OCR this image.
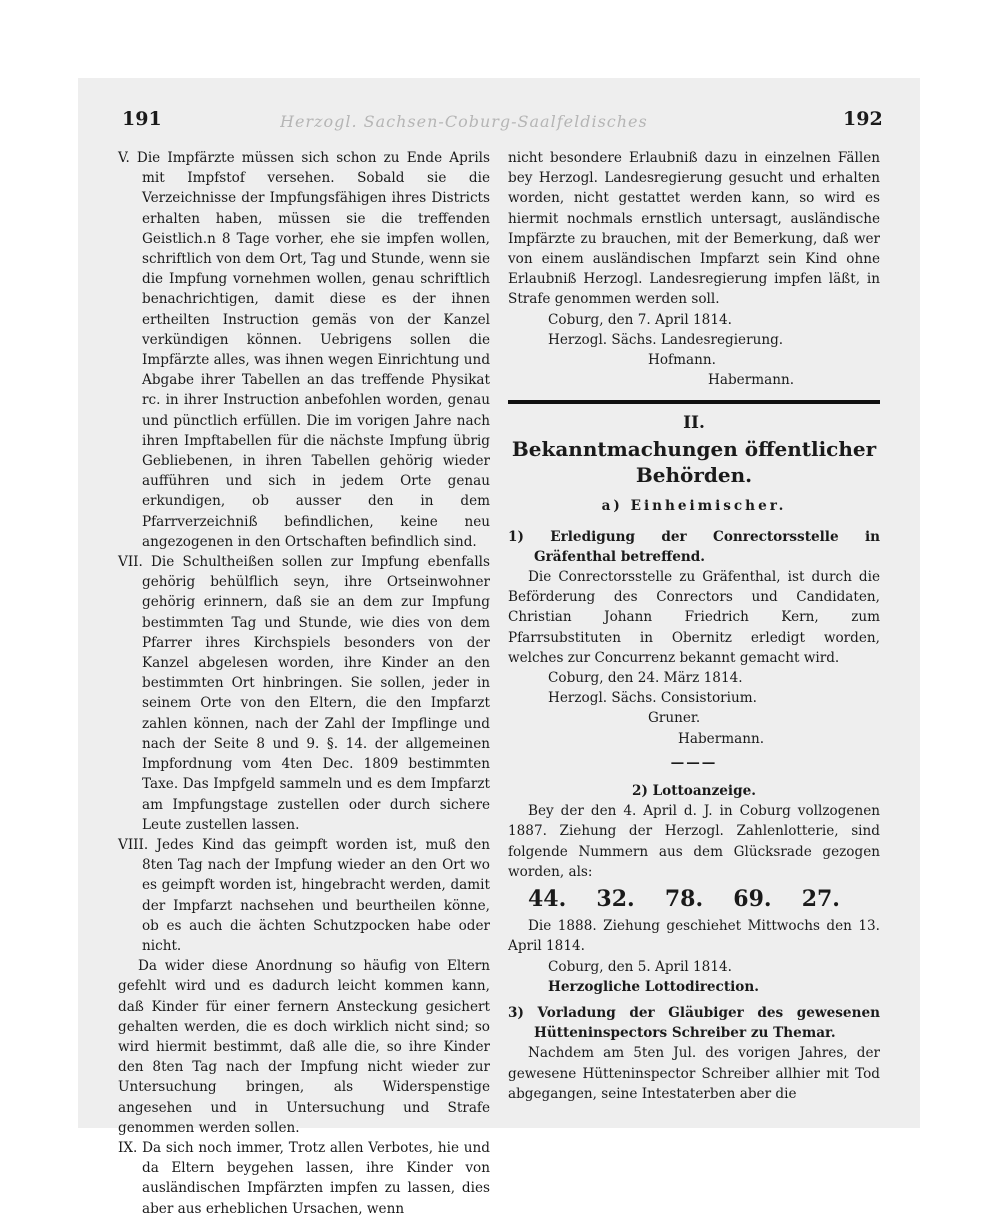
191	192
Herzogl. Sachsen-Coburg-Saalfeldisches

V. Die Impfärzte müssen sich schon zu Ende Aprils mit Impfstof versehen. Sobald sie die Verzeichnisse der Impfungsfähigen ihres Districts erhalten haben, müssen sie die treffenden Geistlich.n 8 Tage vorher, ehe sie impfen wollen, schriftlich von dem Ort, Tag und Stunde, wenn sie die Impfung vornehmen wollen, genau schriftlich benachrichtigen, damit diese es der ihnen ertheilten Instruction gemäs von der Kanzel verkündigen können. Uebrigens sollen die Impfärzte alles, was ihnen wegen Einrichtung und Abgabe ihrer Tabellen an das treffende Physikat rc. in ihrer Instruction anbefohlen worden, genau und pünctlich erfüllen. Die im vorigen Jahre nach ihren Impftabellen für die nächste Impfung übrig Gebliebenen, in ihren Tabellen gehörig wieder aufführen und sich in jedem Orte genau erkundigen, ob ausser den in dem Pfarrverzeichniß befindlichen, keine neu angezogenen in den Ortschaften befindlich sind.

VII. Die Schultheißen sollen zur Impfung ebenfalls gehörig behülflich seyn, ihre Ortseinwohner gehörig erinnern, daß sie an dem zur Impfung bestimmten Tag und Stunde, wie dies von dem Pfarrer ihres Kirchspiels besonders von der Kanzel abgelesen worden, ihre Kinder an den bestimmten Ort hinbringen. Sie sollen, jeder in seinem Orte von den Eltern, die den Impfarzt zahlen können, nach der Zahl der Impflinge und nach der Seite 8 und 9. §. 14. der allgemeinen Impfordnung vom 4ten Dec. 1809 bestimmten Taxe. Das Impfgeld sammeln und es dem Impfarzt am Impfungstage zustellen oder durch sichere Leute zustellen lassen.

VIII. Jedes Kind das geimpft worden ist, muß den 8ten Tag nach der Impfung wieder an den Ort wo es geimpft worden ist, hingebracht werden, damit der Impfarzt nachsehen und beurtheilen könne, ob es auch die ächten Schutzpocken habe oder nicht.

Da wider diese Anordnung so häufig von Eltern gefehlt wird und es dadurch leicht kommen kann, daß Kinder für einer fernern Ansteckung gesichert gehalten werden, die es doch wirklich nicht sind; so wird hiermit bestimmt, daß alle die, so ihre Kinder den 8ten Tag nach der Impfung nicht wieder zur Untersuchung bringen, als Widerspenstige angesehen und in Untersuchung und Strafe genommen werden sollen.

IX. Da sich noch immer, Trotz allen Verbotes, hie und da Eltern beygehen lassen, ihre Kinder von ausländischen Impfärzten impfen zu lassen, dies aber aus erheblichen Ursachen, wenn

nicht besondere Erlaubniß dazu in einzelnen Fällen bey Herzogl. Landesregierung gesucht und erhalten worden, nicht gestattet werden kann, so wird es hiermit nochmals ernstlich untersagt, ausländische Impfärzte zu brauchen, mit der Bemerkung, daß wer von einem ausländischen Impfarzt sein Kind ohne Erlaubniß Herzogl. Landesregierung impfen läßt, in Strafe genommen werden soll.

Coburg, den 7. April 1814.

Herzogl. Sächs. Landesregierung.

Hofmann.

Habermann.

II.
Bekanntmachungen öffentlicher Behörden.
a) Einheimischer.

1) Erledigung der Conrectorsstelle in Gräfenthal betreffend.

Die Conrectorsstelle zu Gräfenthal, ist durch die Beförderung des Conrectors und Candidaten, Christian Johann Friedrich Kern, zum Pfarrsubstituten in Obernitz erledigt worden, welches zur Concurrenz bekannt gemacht wird.

Coburg, den 24. März 1814.

Herzogl. Sächs. Consistorium.

Gruner.

Habermann.

———

2) Lottoanzeige.

Bey der den 4. April d. J. in Coburg vollzogenen 1887. Ziehung der Herzogl. Zahlenlotterie, sind folgende Nummern aus dem Glücksrade gezogen worden, als:

44. 32. 78. 69. 27.

Die 1888. Ziehung geschiehet Mittwochs den 13. April 1814.

Coburg, den 5. April 1814.

Herzogliche Lottodirection.

3) Vorladung der Gläubiger des gewesenen Hütteninspectors Schreiber zu Themar.

Nachdem am 5ten Jul. des vorigen Jahres, der gewesene Hütteninspector Schreiber allhier mit Tod abgegangen, seine Intestaterben aber die
